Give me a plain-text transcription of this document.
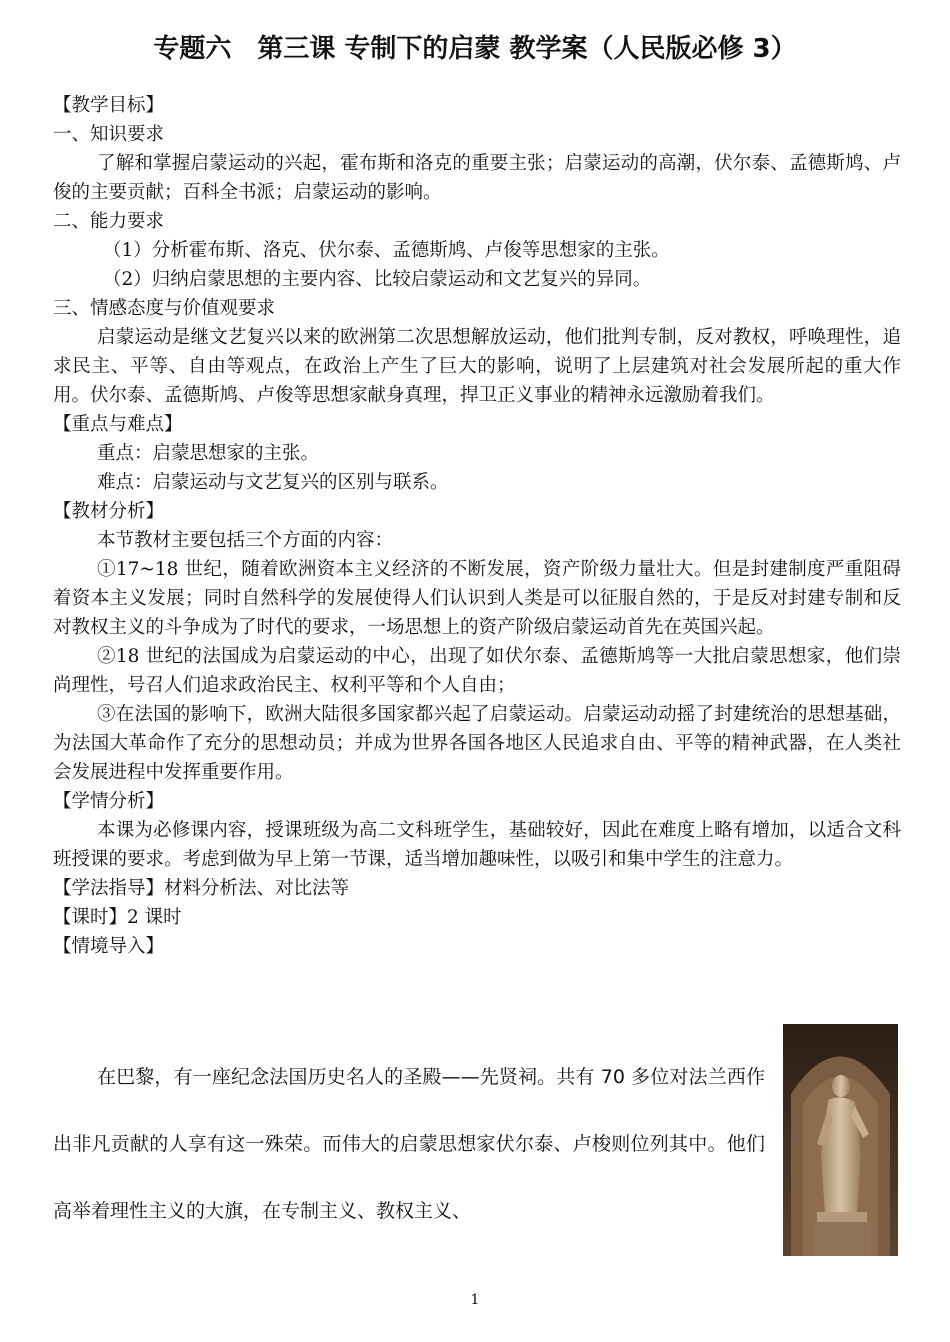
专题六　第三课 专制下的启蒙 教学案（人民版必修 3）

【教学目标】

一、知识要求

了解和掌握启蒙运动的兴起，霍布斯和洛克的重要主张；启蒙运动的高潮，伏尔泰、孟德斯鸠、卢俊的主要贡献；百科全书派；启蒙运动的影响。

二、能力要求

（1）分析霍布斯、洛克、伏尔泰、孟德斯鸠、卢俊等思想家的主张。

（2）归纳启蒙思想的主要内容、比较启蒙运动和文艺复兴的异同。

三、情感态度与价值观要求

启蒙运动是继文艺复兴以来的欧洲第二次思想解放运动，他们批判专制，反对教权，呼唤理性，追求民主、平等、自由等观点，在政治上产生了巨大的影响，说明了上层建筑对社会发展所起的重大作用。伏尔泰、孟德斯鸠、卢俊等思想家献身真理，捍卫正义事业的精神永远激励着我们。

【重点与难点】

重点：启蒙思想家的主张。

难点：启蒙运动与文艺复兴的区别与联系。

【教材分析】

本节教材主要包括三个方面的内容：

①17~18 世纪，随着欧洲资本主义经济的不断发展，资产阶级力量壮大。但是封建制度严重阻碍着资本主义发展；同时自然科学的发展使得人们认识到人类是可以征服自然的，于是反对封建专制和反对教权主义的斗争成为了时代的要求，一场思想上的资产阶级启蒙运动首先在英国兴起。

②18 世纪的法国成为启蒙运动的中心，出现了如伏尔泰、孟德斯鸠等一大批启蒙思想家，他们崇尚理性，号召人们追求政治民主、权利平等和个人自由；

③在法国的影响下，欧洲大陆很多国家都兴起了启蒙运动。启蒙运动动摇了封建统治的思想基础，为法国大革命作了充分的思想动员；并成为世界各国各地区人民追求自由、平等的精神武器，在人类社会发展进程中发挥重要作用。

【学情分析】

本课为必修课内容，授课班级为高二文科班学生，基础较好，因此在难度上略有增加，以适合文科班授课的要求。考虑到做为早上第一节课，适当增加趣味性，以吸引和集中学生的注意力。

【学法指导】材料分析法、对比法等

【课时】2 课时

【情境导入】

在巴黎，有一座纪念法国历史名人的圣殿——先贤祠。共有 70 多位对法兰西作出非凡贡献的人享有这一殊荣。而伟大的启蒙思想家伏尔泰、卢梭则位列其中。他们高举着理性主义的大旗，在专制主义、教权主义、

1
